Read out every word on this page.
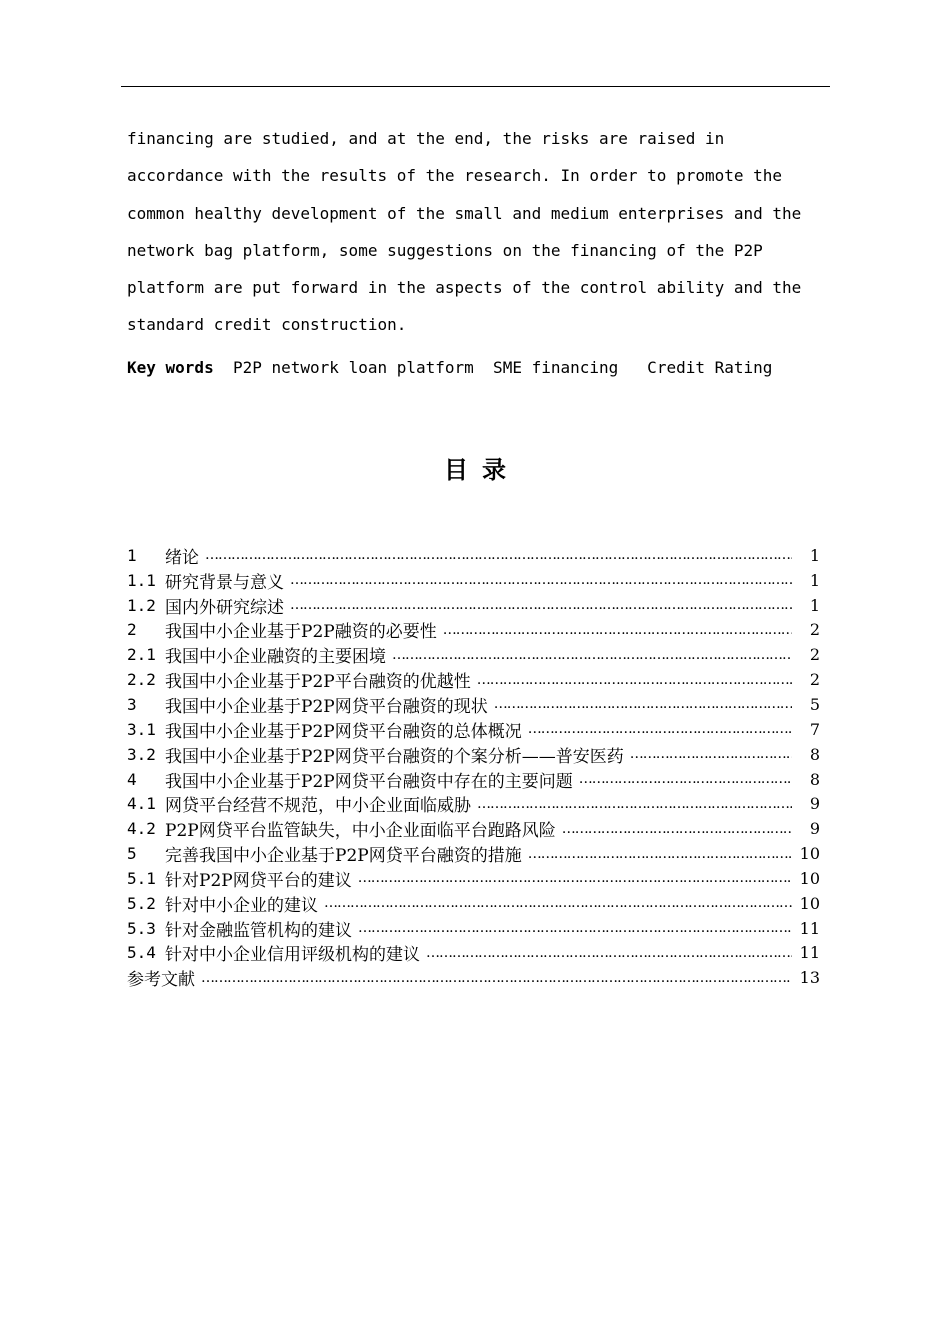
financing are studied, and at the end, the risks are raised in
accordance with the results of the research. In order to promote the
common healthy development of the small and medium enterprises and the
network bag platform, some suggestions on the financing of the P2P
platform are put forward in the aspects of the control ability and the
standard credit construction.
Key words P2P network loan platform  SME financing   Credit Rating
目录
1	绪论 ……………………………………………………………………………………………………………………………………………	1
1.1 研究背景与意义 ……………………………………………………………………………………………………………………………………………	1
1.2 国内外研究综述 ……………………………………………………………………………………………………………………………………………	1
2	我国中小企业基于P2P融资的必要性 ……………………………………………………………………………………………………………………………………………	2
2.1 我国中小企业融资的主要困境 ……………………………………………………………………………………………………………………………………………	2
2.2 我国中小企业基于P2P平台融资的优越性 ……………………………………………………………………………………………………………………………………………	2
3	我国中小企业基于P2P网贷平台融资的现状 ……………………………………………………………………………………………………………………………………………	5
3.1 我国中小企业基于P2P网贷平台融资的总体概况 ……………………………………………………………………………………………………………………………………………	7
3.2 我国中小企业基于P2P网贷平台融资的个案分析——普安医药 ……………………………………………………………………………………………………………………………………………	8
4	我国中小企业基于P2P网贷平台融资中存在的主要问题 ……………………………………………………………………………………………………………………………………………	8
4.1 网贷平台经营不规范，中小企业面临威胁 ……………………………………………………………………………………………………………………………………………	9
4.2 P2P网贷平台监管缺失，中小企业面临平台跑路风险 ……………………………………………………………………………………………………………………………………………	9
5	完善我国中小企业基于P2P网贷平台融资的措施 ……………………………………………………………………………………………………………………………………………	10
5.1 针对P2P网贷平台的建议 ……………………………………………………………………………………………………………………………………………	10
5.2 针对中小企业的建议 ……………………………………………………………………………………………………………………………………………	10
5.3 针对金融监管机构的建议 ……………………………………………………………………………………………………………………………………………	11
5.4 针对中小企业信用评级机构的建议 ……………………………………………………………………………………………………………………………………………	11
参考文献 ……………………………………………………………………………………………………………………………………………	13
